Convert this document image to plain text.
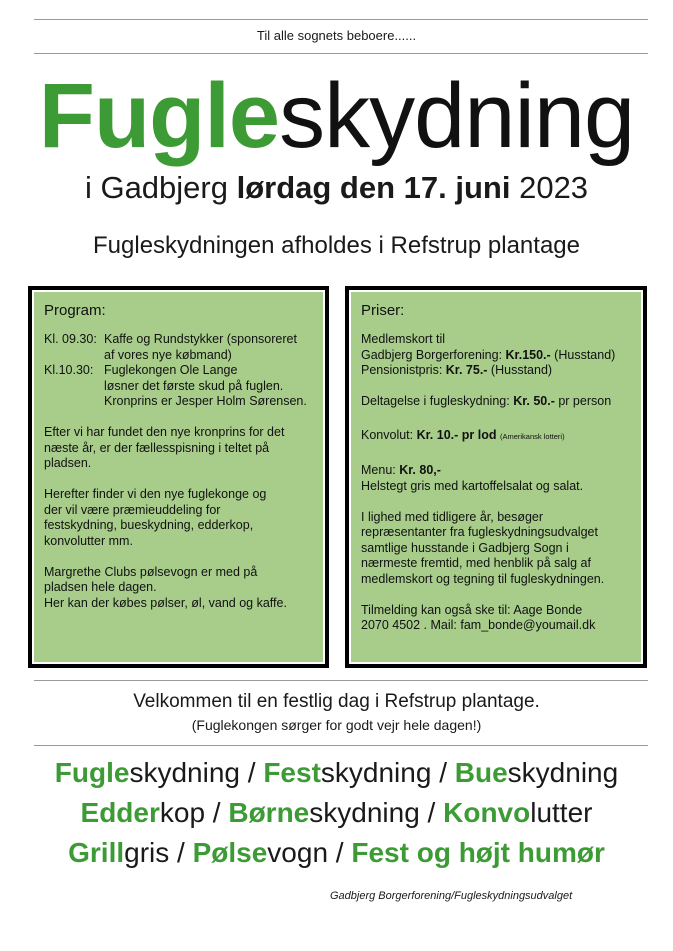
Til alle sognets beboere......
Fugleskydning
i Gadbjerg lørdag den 17. juni 2023
Fugleskydningen afholdes i Refstrup plantage
Program:
Kl. 09.30: Kaffe og Rundstykker (sponsoreret
af vores nye købmand)
Kl.10.30: Fuglekongen Ole Lange
løsner det første skud på fuglen.
Kronprins er Jesper Holm Sørensen.
Efter vi har fundet den nye kronprins for det
næste år, er der fællesspisning i teltet på
pladsen.
Herefter finder vi den nye fuglekonge og
der vil være præmieuddeling for
festskydning, bueskydning, edderkop,
konvolutter mm.
Margrethe Clubs pølsevogn er med på
pladsen hele dagen.
Her kan der købes pølser, øl, vand og kaffe.
Priser:
Medlemskort til
Gadbjerg Borgerforening: Kr.150.- (Husstand)
Pensionistpris: Kr. 75.- (Husstand)
Deltagelse i fugleskydning: Kr. 50.- pr person
Konvolut: Kr. 10.- pr lod (Amerikansk lotteri)
Menu: Kr. 80,-
Helstegt gris med kartoffelsalat og salat.
I lighed med tidligere år, besøger
repræsentanter fra fugleskydningsudvalget
samtlige husstande i Gadbjerg Sogn i
nærmeste fremtid, med henblik på salg af
medlemskort og tegning til fugleskydningen.
Tilmelding kan også ske til: Aage Bonde
2070 4502 . Mail: fam_bonde@youmail.dk
Velkommen til en festlig dag i Refstrup plantage.
(Fuglekongen sørger for godt vejr hele dagen!)
Fugleskydning / Festskydning / Bueskydning
Edderkop / Børneskydning / Konvolutter
Grillgris / Pølsevogn / Fest og højt humør
Gadbjerg Borgerforening/Fugleskydningsudvalget
